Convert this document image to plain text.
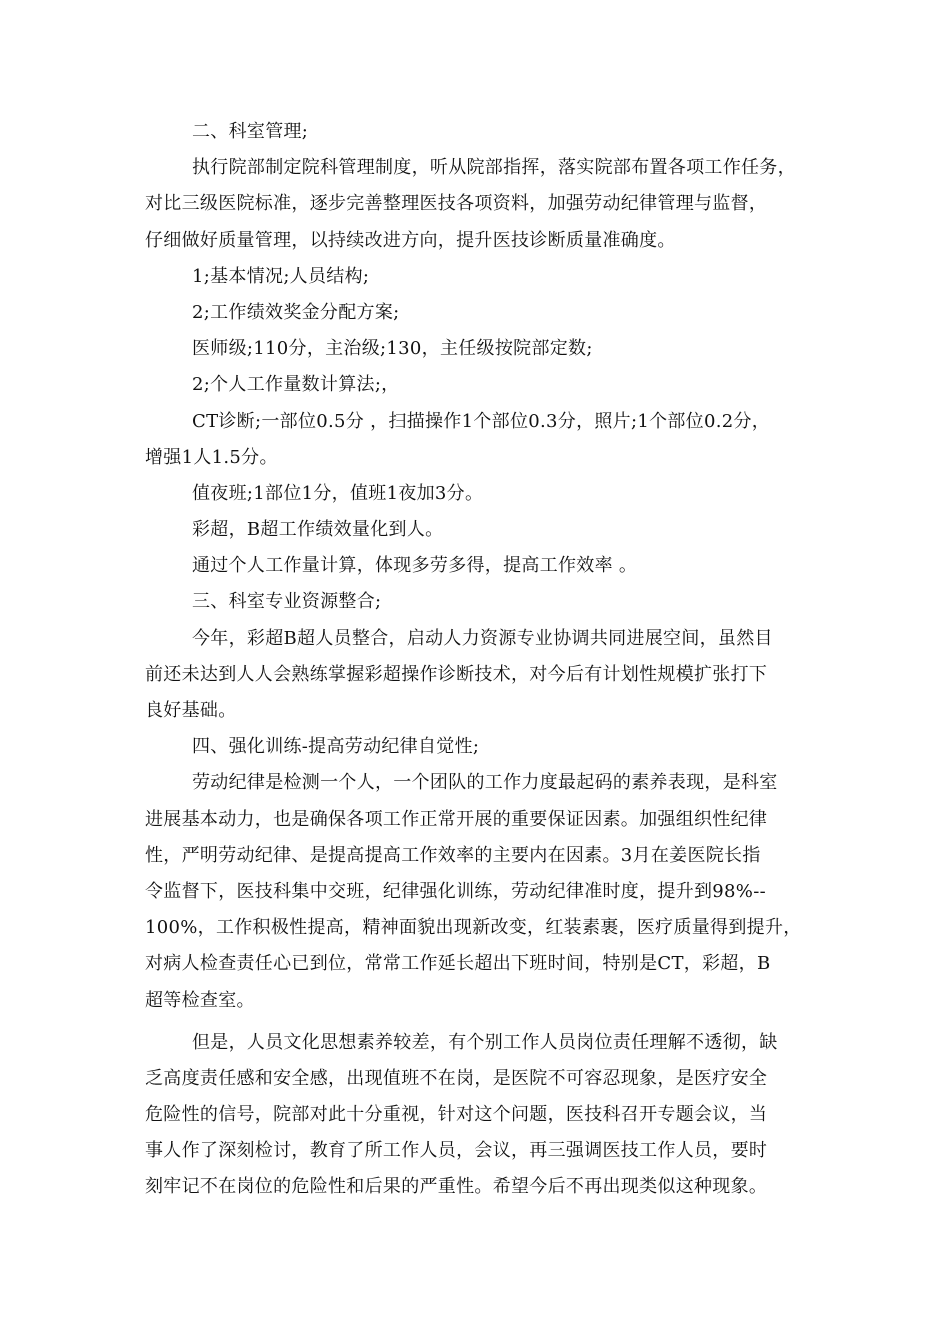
二、科室管理;
执行院部制定院科管理制度，听从院部指挥，落实院部布置各项工作任务，
对比三级医院标准，逐步完善整理医技各项资料，加强劳动纪律管理与监督，
仔细做好质量管理，以持续改进方向，提升医技诊断质量准确度。
1;基本情况;人员结构;
2;工作绩效奖金分配方案;
医师级;110分，主治级;130，主任级按院部定数;
2;个人工作量数计算法;，
CT诊断;一部位0.5分 ，扫描操作1个部位0.3分，照片;1个部位0.2分，
增强1人1.5分。
值夜班;1部位1分，值班1夜加3分。
彩超，B超工作绩效量化到人。
通过个人工作量计算，体现多劳多得，提高工作效率 。
三、科室专业资源整合;
今年，彩超B超人员整合，启动人力资源专业协调共同进展空间，虽然目
前还未达到人人会熟练掌握彩超操作诊断技术，对今后有计划性规模扩张打下
良好基础。
四、强化训练-提高劳动纪律自觉性;
劳动纪律是检测一个人，一个团队的工作力度最起码的素养表现，是科室
进展基本动力，也是确保各项工作正常开展的重要保证因素。加强组织性纪律
性，严明劳动纪律、是提高提高工作效率的主要内在因素。3月在姜医院长指
令监督下，医技科集中交班，纪律强化训练，劳动纪律准时度，提升到98%--
100%，工作积极性提高，精神面貌出现新改变，红装素裹，医疗质量得到提升，
对病人检查责任心已到位，常常工作延长超出下班时间，特别是CT，彩超，B
超等检查室。
但是，人员文化思想素养较差，有个别工作人员岗位责任理解不透彻，缺
乏高度责任感和安全感，出现值班不在岗，是医院不可容忍现象，是医疗安全
危险性的信号，院部对此十分重视，针对这个问题，医技科召开专题会议，当
事人作了深刻检讨，教育了所工作人员，会议，再三强调医技工作人员，要时
刻牢记不在岗位的危险性和后果的严重性。希望今后不再出现类似这种现象。
